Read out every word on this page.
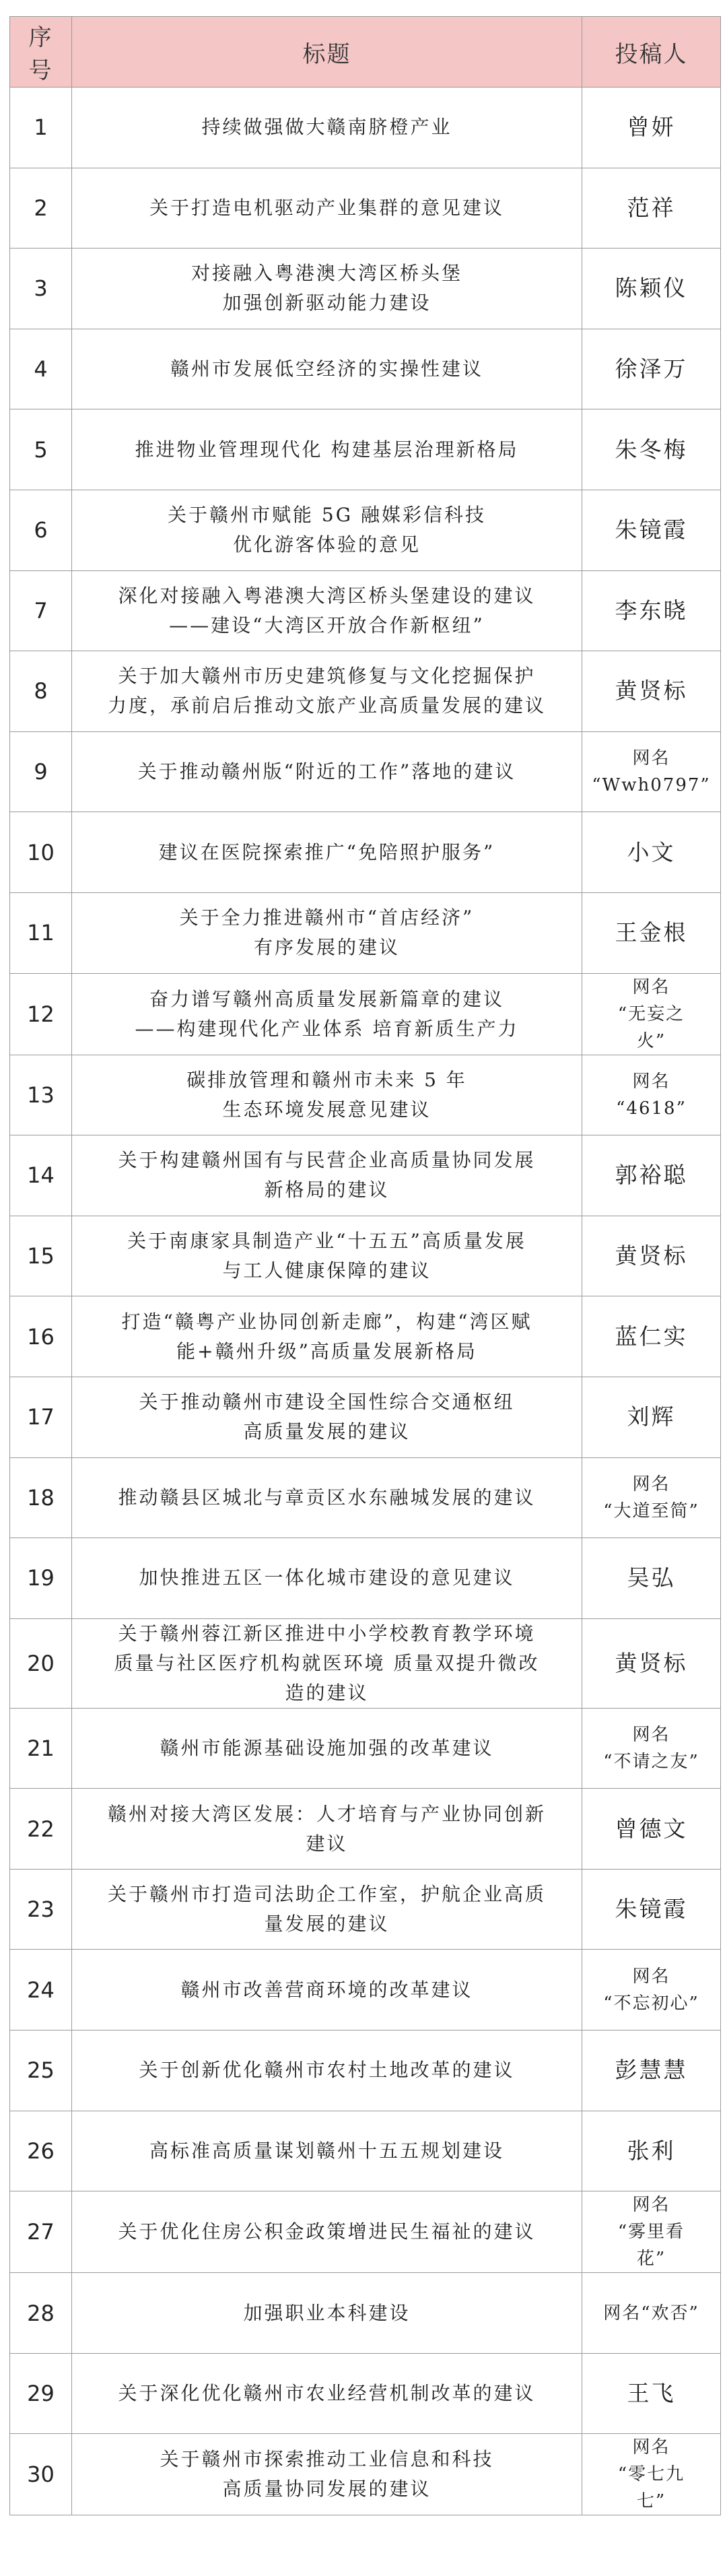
序号	标题	投稿人
1	持续做强做大赣南脐橙产业	曾妍
2	关于打造电机驱动产业集群的意见建议	范祥
3	对接融入粤港澳大湾区桥头堡
加强创新驱动能力建设	陈颖仪
4	赣州市发展低空经济的实操性建议	徐泽万
5	推进物业管理现代化 构建基层治理新格局	朱冬梅
6	关于赣州市赋能 5G 融媒彩信科技
优化游客体验的意见	朱镜霞
7	深化对接融入粤港澳大湾区桥头堡建设的建议
——建设“大湾区开放合作新枢纽”	李东晓
8	关于加大赣州市历史建筑修复与文化挖掘保护
力度，承前启后推动文旅产业高质量发展的建议	黄贤标
9	关于推动赣州版“附近的工作”落地的建议	网名
“Wwh0797”
10	建议在医院探索推广“免陪照护服务”	小文
11	关于全力推进赣州市“首店经济”
有序发展的建议	王金根
12	奋力谱写赣州高质量发展新篇章的建议
——构建现代化产业体系 培育新质生产力	网名
“无妄之
火”
13	碳排放管理和赣州市未来 5 年
生态环境发展意见建议	网名
“4618”
14	关于构建赣州国有与民营企业高质量协同发展
新格局的建议	郭裕聪
15	关于南康家具制造产业“十五五”高质量发展
与工人健康保障的建议	黄贤标
16	打造“赣粤产业协同创新走廊”，构建“湾区赋
能+赣州升级”高质量发展新格局	蓝仁实
17	关于推动赣州市建设全国性综合交通枢纽
高质量发展的建议	刘辉
18	推动赣县区城北与章贡区水东融城发展的建议	网名
“大道至简”
19	加快推进五区一体化城市建设的意见建议	吴弘
20	关于赣州蓉江新区推进中小学校教育教学环境
质量与社区医疗机构就医环境 质量双提升微改
造的建议	黄贤标
21	赣州市能源基础设施加强的改革建议	网名
“不请之友”
22	赣州对接大湾区发展：人才培育与产业协同创新
建议	曾德文
23	关于赣州市打造司法助企工作室，护航企业高质
量发展的建议	朱镜霞
24	赣州市改善营商环境的改革建议	网名
“不忘初心”
25	关于创新优化赣州市农村土地改革的建议	彭慧慧
26	高标准高质量谋划赣州十五五规划建设	张利
27	关于优化住房公积金政策增进民生福祉的建议	网名
“雾里看
花”
28	加强职业本科建设	网名“欢否”
29	关于深化优化赣州市农业经营机制改革的建议	王飞
30	关于赣州市探索推动工业信息和科技
高质量协同发展的建议	网名
“零七九
七”
